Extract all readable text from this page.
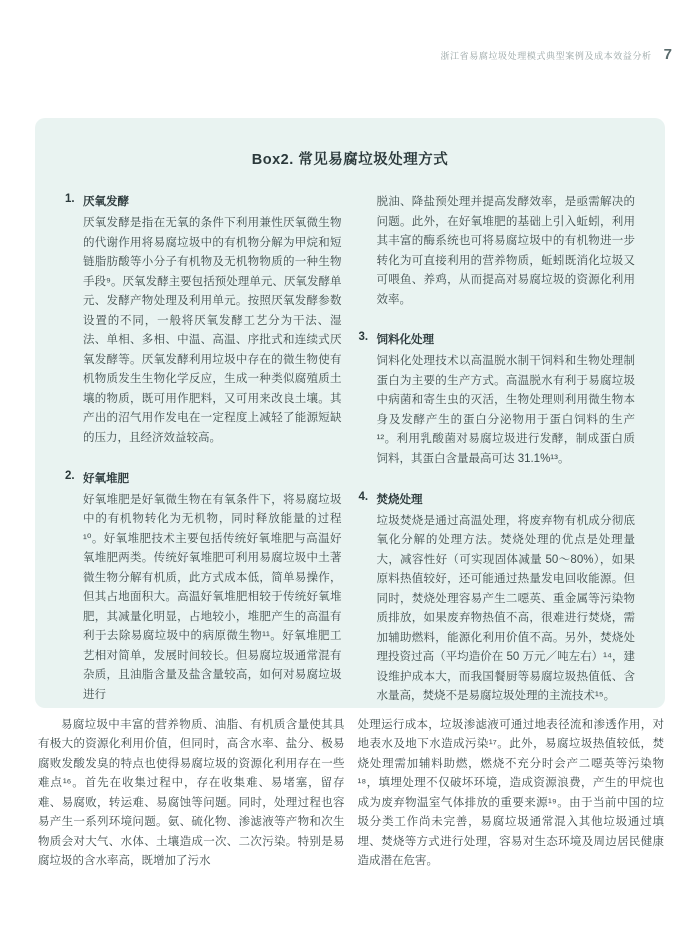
浙江省易腐垃圾处理模式典型案例及成本效益分析 7
Box2. 常见易腐垃圾处理方式
1. 厌氧发酵

厌氧发酵是指在无氧的条件下利用兼性厌氧微生物的代谢作用将易腐垃圾中的有机物分解为甲烷和短链脂肪酸等小分子有机物及无机物物质的一种生物手段⁹。厌氧发酵主要包括预处理单元、厌氧发酵单元、发酵产物处理及利用单元。按照厌氧发酵参数设置的不同，一般将厌氧发酵工艺分为干法、湿法、单相、多相、中温、高温、序批式和连续式厌氧发酵等。厌氧发酵利用垃圾中存在的微生物使有机物质发生生物化学反应，生成一种类似腐殖质土壤的物质，既可用作肥料，又可用来改良土壤。其产出的沼气用作发电在一定程度上减轻了能源短缺的压力，且经济效益较高。

2. 好氧堆肥

好氧堆肥是好氧微生物在有氧条件下，将易腐垃圾中的有机物转化为无机物，同时释放能量的过程¹⁰。好氧堆肥技术主要包括传统好氧堆肥与高温好氧堆肥两类。传统好氧堆肥可利用易腐垃圾中土著微生物分解有机质，此方式成本低，简单易操作，但其占地面积大。高温好氧堆肥相较于传统好氧堆肥，其减量化明显，占地较小，堆肥产生的高温有利于去除易腐垃圾中的病原微生物¹¹。好氧堆肥工艺相对简单，发展时间较长。但易腐垃圾通常混有杂质，且油脂含量及盐含量较高，如何对易腐垃圾进行

脱油、降盐预处理并提高发酵效率，是亟需解决的问题。此外，在好氧堆肥的基础上引入蚯蚓，利用其丰富的酶系统也可将易腐垃圾中的有机物进一步转化为可直接利用的营养物质，蚯蚓既消化垃圾又可喂鱼、养鸡，从而提高对易腐垃圾的资源化利用效率。

3. 饲料化处理

饲料化处理技术以高温脱水制干饲料和生物处理制蛋白为主要的生产方式。高温脱水有利于易腐垃圾中病菌和寄生虫的灭活，生物处理则利用微生物本身及发酵产生的蛋白分泌物用于蛋白饲料的生产¹²。利用乳酸菌对易腐垃圾进行发酵，制成蛋白质饲料，其蛋白含量最高可达 31.1%¹³。

4. 焚烧处理

垃圾焚烧是通过高温处理，将废弃物有机成分彻底氧化分解的处理方法。焚烧处理的优点是处理量大，减容性好（可实现固体减量 50～80%），如果原料热值较好，还可能通过热量发电回收能源。但同时，焚烧处理容易产生二噁英、重金属等污染物质排放，如果废弃物热值不高，很难进行焚烧，需加辅助燃料，能源化利用价值不高。另外，焚烧处理投资过高（平均造价在 50 万元／吨左右）¹⁴，建设维护成本大，而我国餐厨等易腐垃圾热值低、含水量高，焚烧不是易腐垃圾处理的主流技术¹⁵。

易腐垃圾中丰富的营养物质、油脂、有机质含量使其具有极大的资源化利用价值，但同时，高含水率、盐分、极易腐败发酸发臭的特点也使得易腐垃圾的资源化利用存在一些难点¹⁶。首先在收集过程中，存在收集难、易堵塞，留存难、易腐败，转运难、易腐蚀等问题。同时，处理过程也容易产生一系列环境问题。氨、硫化物、渗滤液等产物和次生物质会对大气、水体、土壤造成一次、二次污染。特别是易腐垃圾的含水率高，既增加了污水

处理运行成本，垃圾渗滤液可通过地表径流和渗透作用，对地表水及地下水造成污染¹⁷。此外，易腐垃圾热值较低，焚烧处理需加辅料助燃，燃烧不充分时会产二噁英等污染物¹⁸，填埋处理不仅破坏环境，造成资源浪费，产生的甲烷也成为废弃物温室气体排放的重要来源¹⁹。由于当前中国的垃圾分类工作尚未完善，易腐垃圾通常混入其他垃圾通过填埋、焚烧等方式进行处理，容易对生态环境及周边居民健康造成潜在危害。
